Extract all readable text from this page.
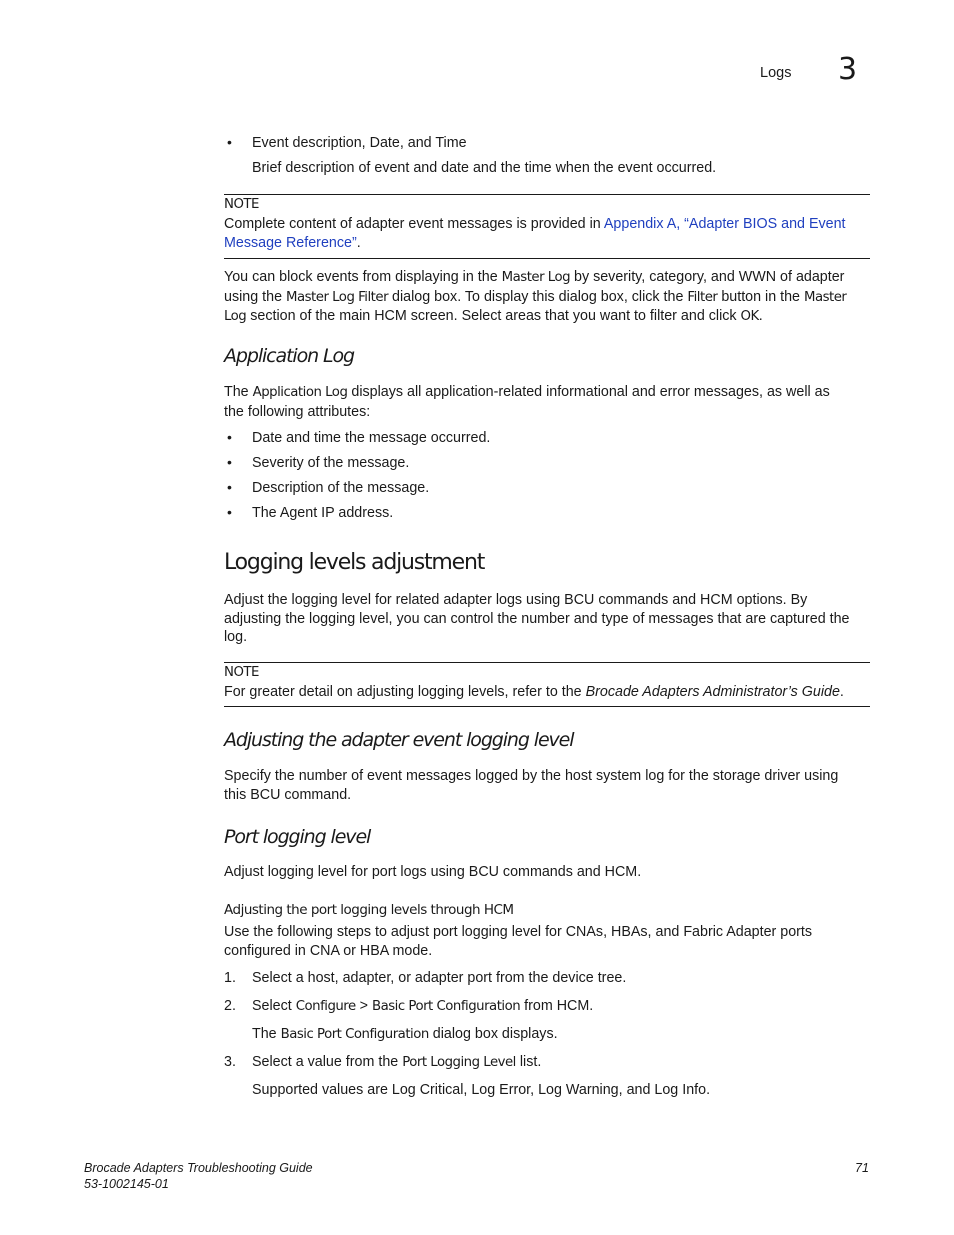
Logs 3
• Event description, Date, and Time
Brief description of event and date and the time when the event occurred.
NOTE

Complete content of adapter event messages is provided in Appendix A, “Adapter BIOS and Event

Message Reference”.

You can block events from displaying in the Master Log by severity, category, and WWN of adapter

using the Master Log Filter dialog box. To display this dialog box, click the Filter button in the Master

Log section of the main HCM screen. Select areas that you want to filter and click OK.

Application Log

The Application Log displays all application-related informational and error messages, as well as

the following attributes:

• Date and time the message occurred.
• Severity of the message.
• Description of the message.
• The Agent IP address.
Logging levels adjustment

Adjust the logging level for related adapter logs using BCU commands and HCM options. By

adjusting the logging level, you can control the number and type of messages that are captured the

log.

NOTE

For greater detail on adjusting logging levels, refer to the Brocade Adapters Administrator’s Guide.

Adjusting the adapter event logging level

Specify the number of event messages logged by the host system log for the storage driver using

this BCU command.

Port logging level
Adjust logging level for port logs using BCU commands and HCM.
Adjusting the port logging levels through HCM

Use the following steps to adjust port logging level for CNAs, HBAs, and Fabric Adapter ports

configured in CNA or HBA mode.

1. Select a host, adapter, or adapter port from the device tree.
2. Select Configure > Basic Port Configuration from HCM.
The Basic Port Configuration dialog box displays.
3. Select a value from the Port Logging Level list.
Supported values are Log Critical, Log Error, Log Warning, and Log Info.
Brocade Adapters Troubleshooting Guide
53-1002145-01
71
